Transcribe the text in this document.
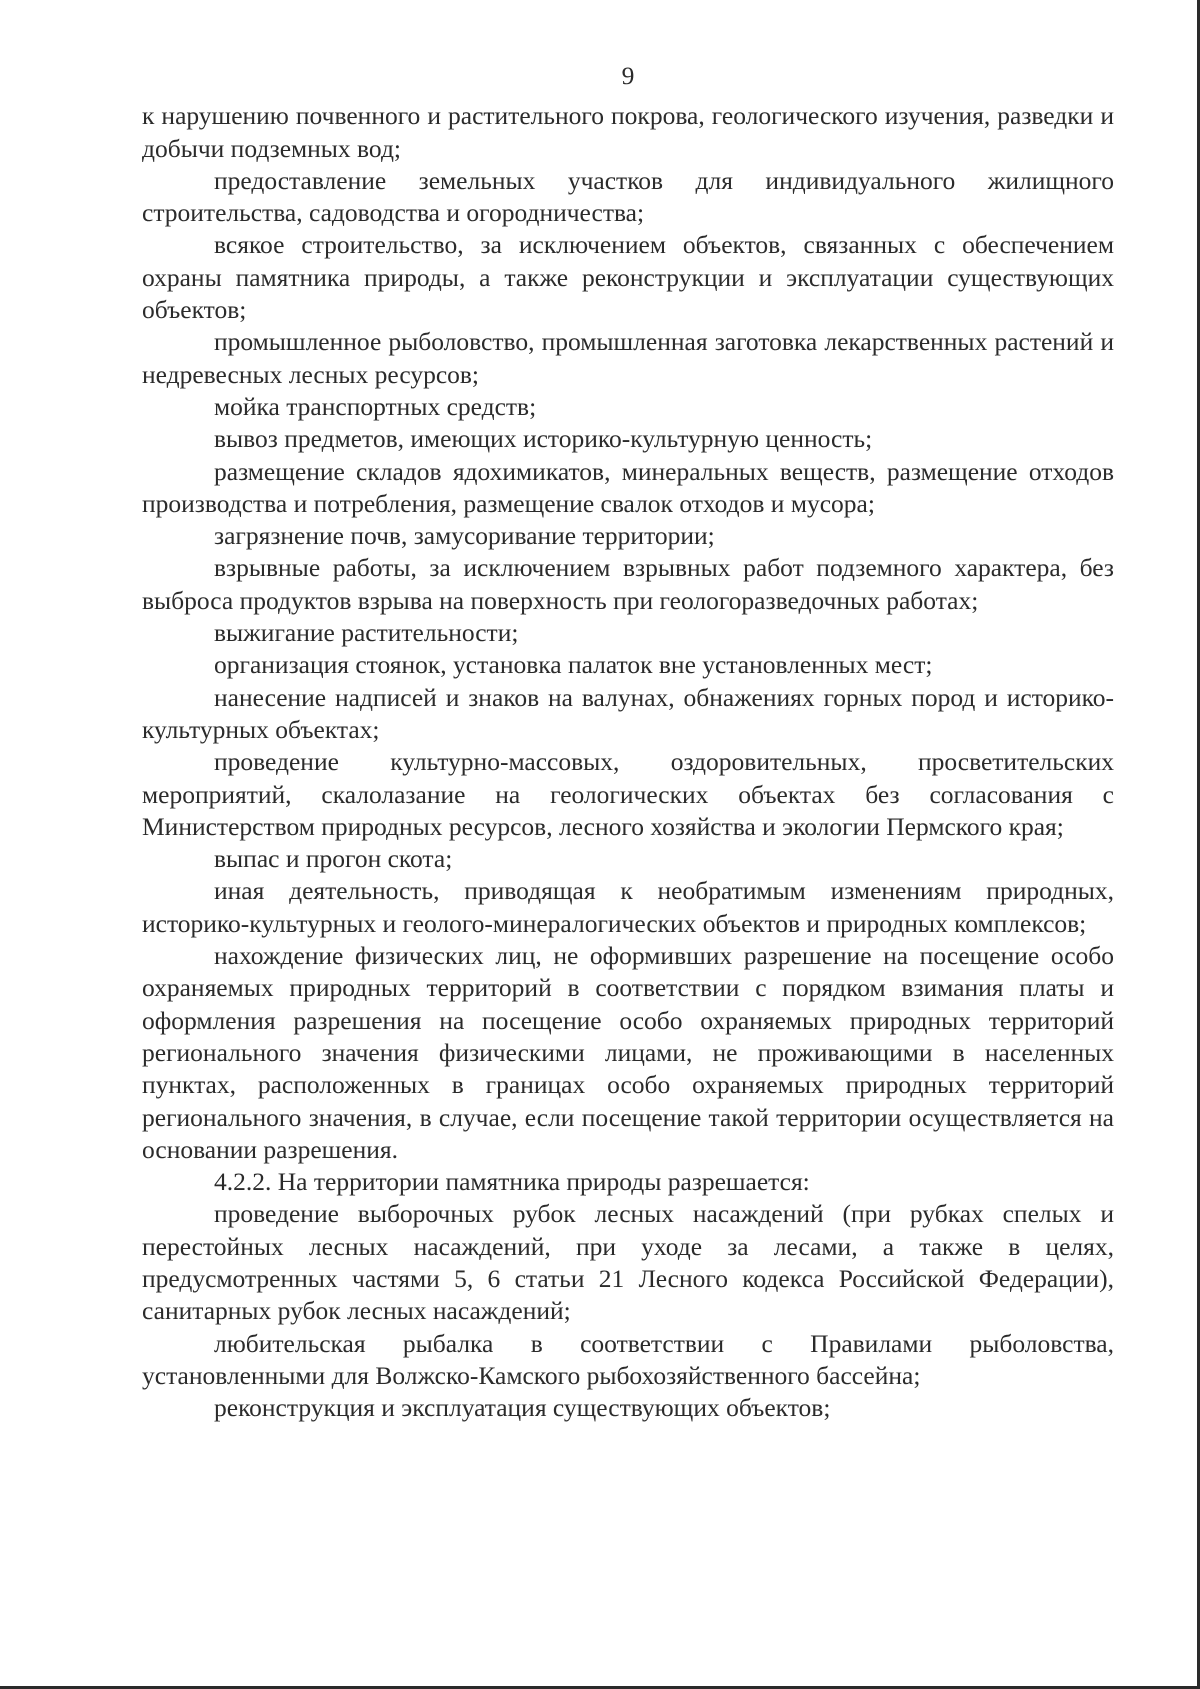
9

к нарушению почвенного и растительного покрова, геологического изучения, разведки и добычи подземных вод;

предоставление земельных участков для индивидуального жилищного строительства, садоводства и огородничества;

всякое строительство, за исключением объектов, связанных с обеспечением охраны памятника природы, а также реконструкции и эксплуатации существующих объектов;

промышленное рыболовство, промышленная заготовка лекарственных растений и недревесных лесных ресурсов;

мойка транспортных средств;

вывоз предметов, имеющих историко-культурную ценность;

размещение складов ядохимикатов, минеральных веществ, размещение отходов производства и потребления, размещение свалок отходов и мусора;

загрязнение почв, замусоривание территории;

взрывные работы, за исключением взрывных работ подземного характера, без выброса продуктов взрыва на поверхность при геологоразведочных работах;

выжигание растительности;

организация стоянок, установка палаток вне установленных мест;

нанесение надписей и знаков на валунах, обнажениях горных пород и историко-культурных объектах;

проведение культурно-массовых, оздоровительных, просветительских мероприятий, скалолазание на геологических объектах без согласования с Министерством природных ресурсов, лесного хозяйства и экологии Пермского края;

выпас и прогон скота;

иная деятельность, приводящая к необратимым изменениям природных, историко-культурных и геолого-минералогических объектов и природных комплексов;

нахождение физических лиц, не оформивших разрешение на посещение особо охраняемых природных территорий в соответствии с порядком взимания платы и оформления разрешения на посещение особо охраняемых природных территорий регионального значения физическими лицами, не проживающими в населенных пунктах, расположенных в границах особо охраняемых природных территорий регионального значения, в случае, если посещение такой территории осуществляется на основании разрешения.

4.2.2. На территории памятника природы разрешается:

проведение выборочных рубок лесных насаждений (при рубках спелых и перестойных лесных насаждений, при уходе за лесами, а также в целях, предусмотренных частями 5, 6 статьи 21 Лесного кодекса Российской Федерации), санитарных рубок лесных насаждений;

любительская рыбалка в соответствии с Правилами рыболовства, установленными для Волжско-Камского рыбохозяйственного бассейна;

реконструкция и эксплуатация существующих объектов;
